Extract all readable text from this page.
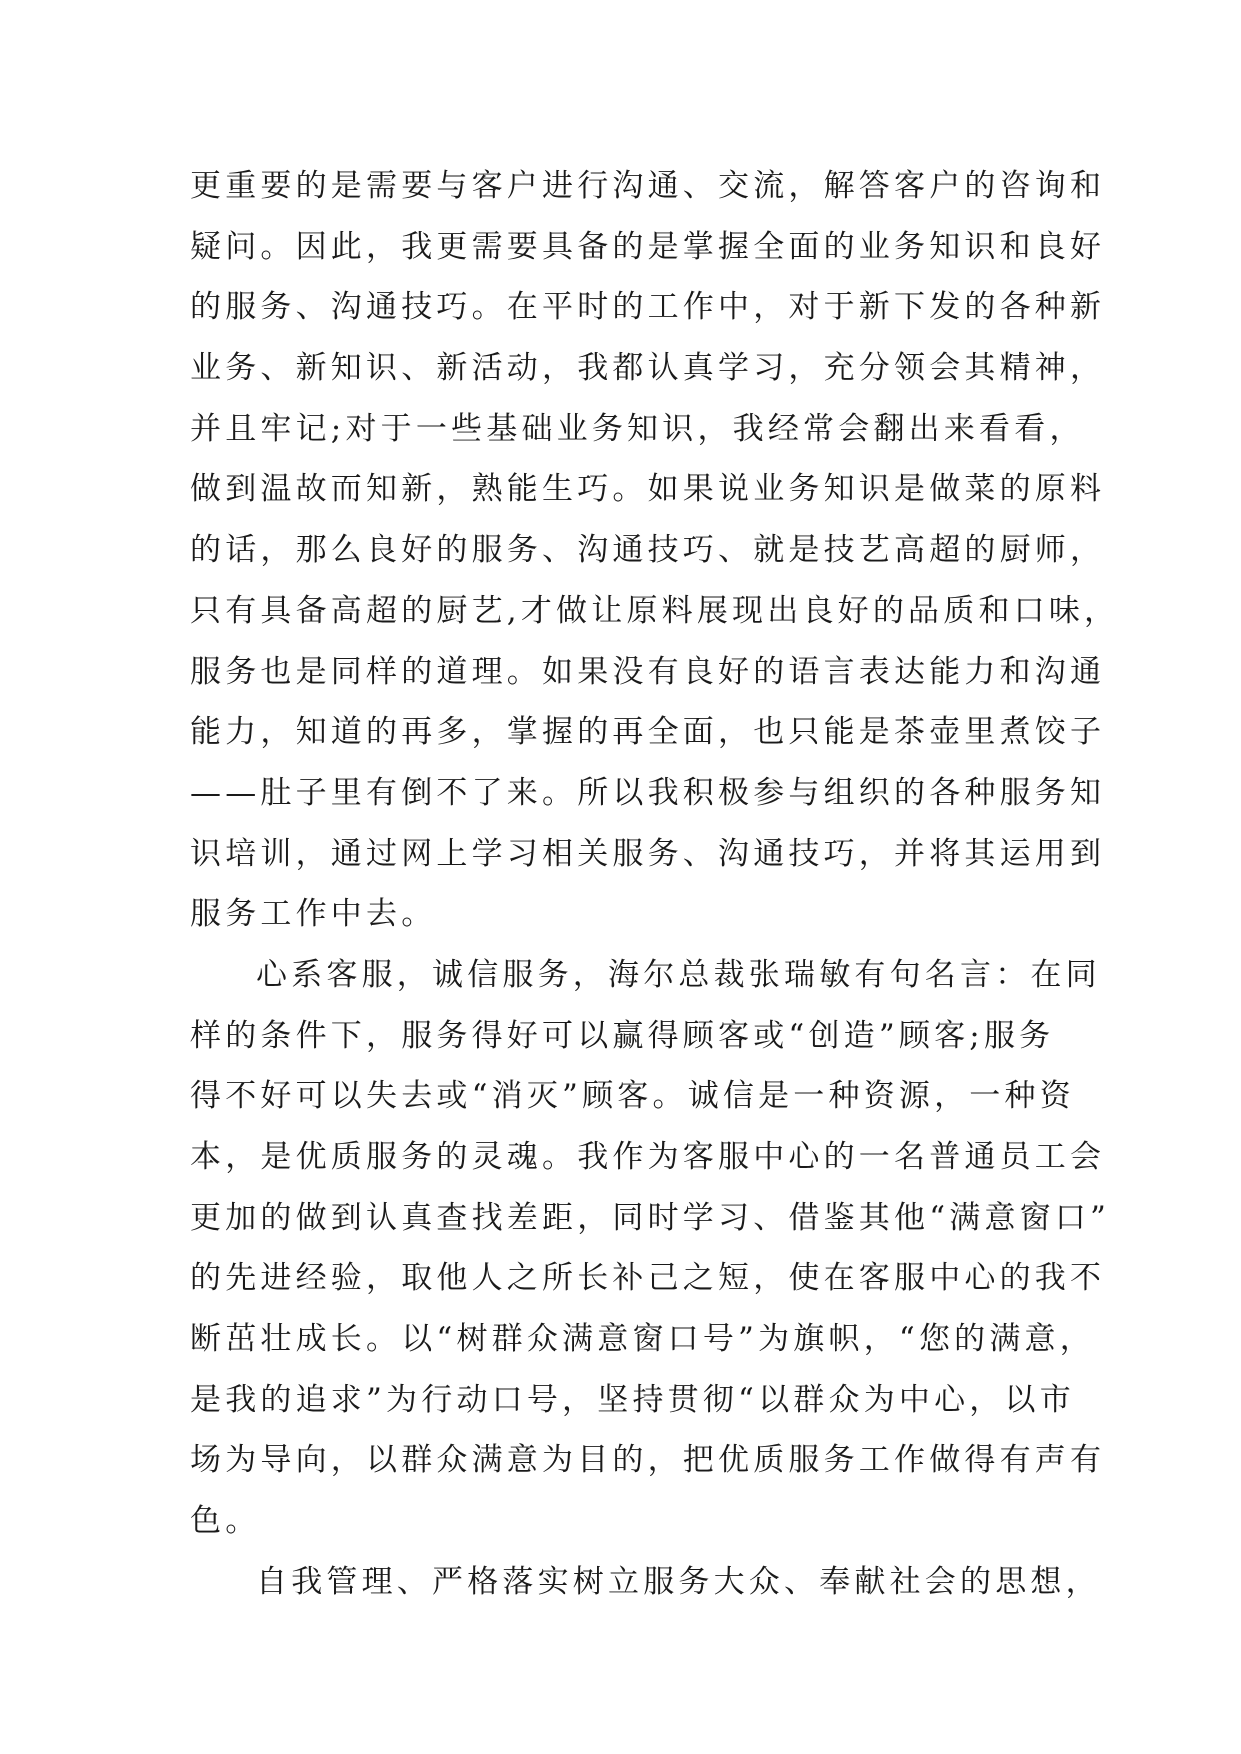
更重要的是需要与客户进行沟通、交流，解答客户的咨询和
疑问。因此，我更需要具备的是掌握全面的业务知识和良好
的服务、沟通技巧。在平时的工作中，对于新下发的各种新
业务、新知识、新活动，我都认真学习，充分领会其精神，
并且牢记;对于一些基础业务知识，我经常会翻出来看看，
做到温故而知新，熟能生巧。如果说业务知识是做菜的原料
的话，那么良好的服务、沟通技巧、就是技艺高超的厨师，
只有具备高超的厨艺,才做让原料展现出良好的品质和口味，
服务也是同样的道理。如果没有良好的语言表达能力和沟通
能力，知道的再多，掌握的再全面，也只能是茶壶里煮饺子
——肚子里有倒不了来。所以我积极参与组织的各种服务知
识培训，通过网上学习相关服务、沟通技巧，并将其运用到
服务工作中去。
心系客服，诚信服务，海尔总裁张瑞敏有句名言：在同
样的条件下，服务得好可以赢得顾客或“创造”顾客;服务
得不好可以失去或“消灭”顾客。诚信是一种资源，一种资
本，是优质服务的灵魂。我作为客服中心的一名普通员工会
更加的做到认真查找差距，同时学习、借鉴其他“满意窗口”
的先进经验，取他人之所长补己之短，使在客服中心的我不
断茁壮成长。以“树群众满意窗口号”为旗帜，“您的满意，
是我的追求”为行动口号，坚持贯彻“以群众为中心，以市
场为导向，以群众满意为目的，把优质服务工作做得有声有
色。
自我管理、严格落实树立服务大众、奉献社会的思想，
